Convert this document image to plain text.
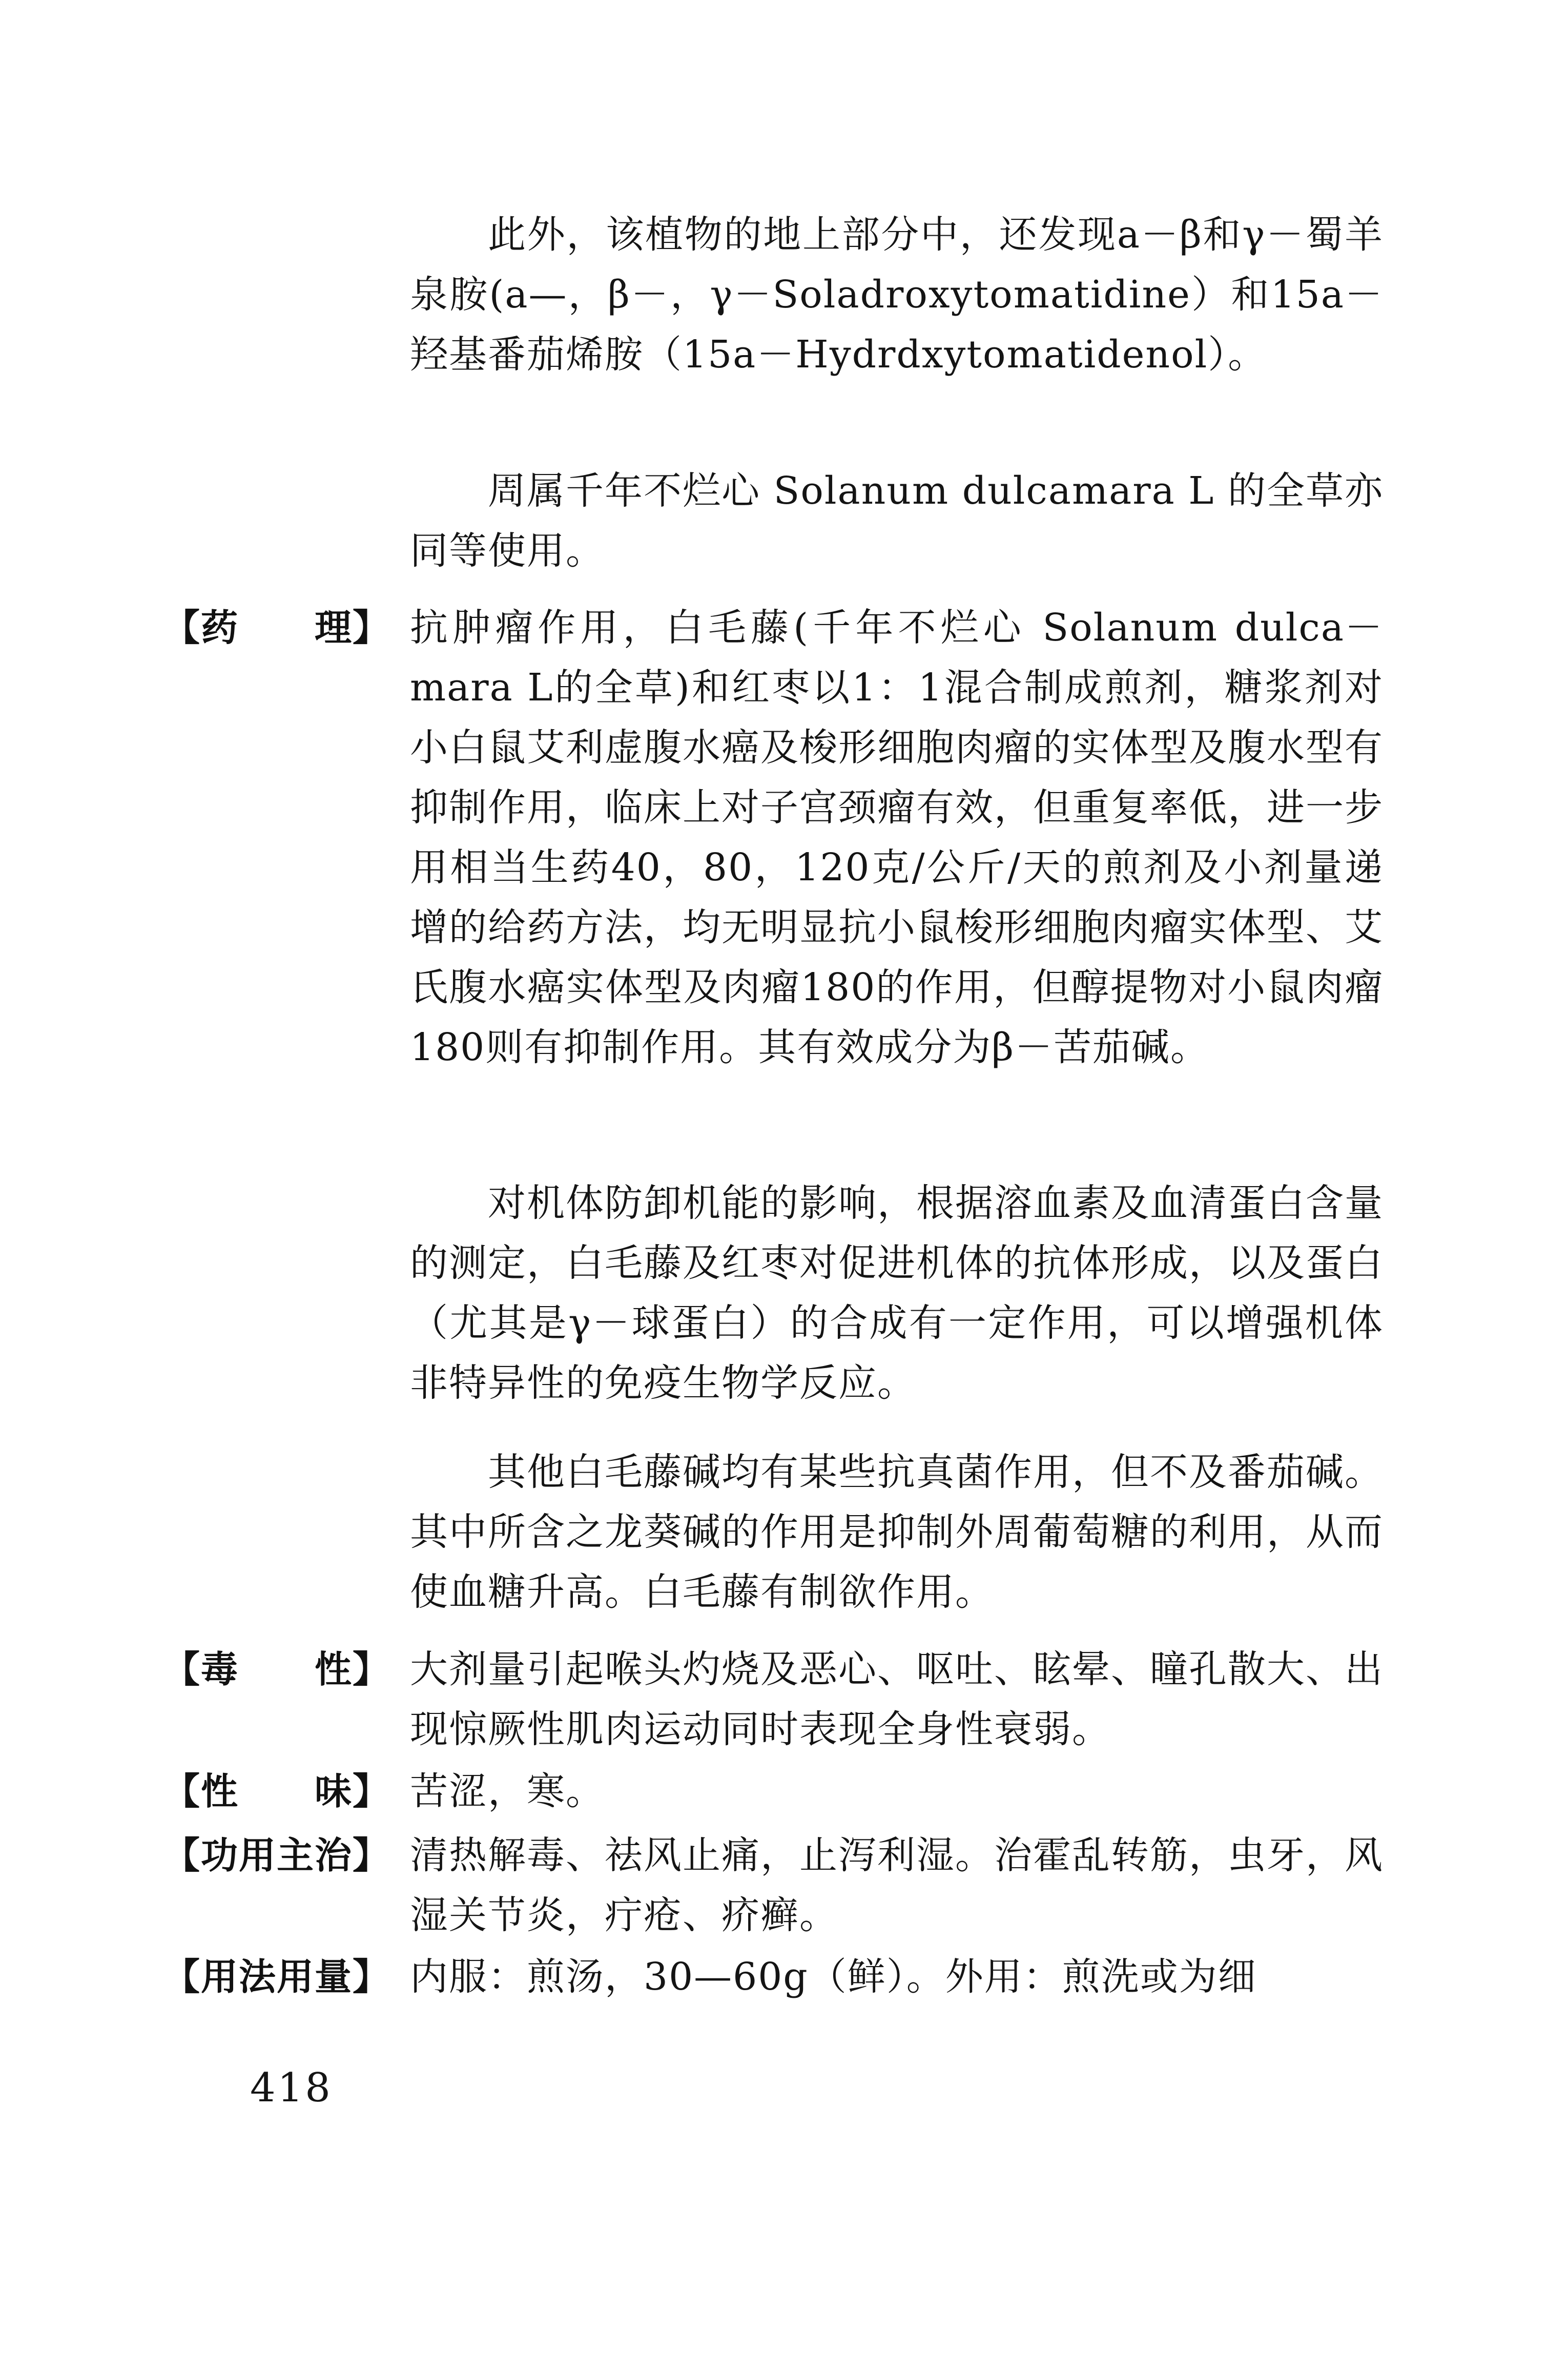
此外，该植物的地上部分中，还发现a－β和γ－蜀羊泉胺(a—，β－，γ－Soladroxytomatidine）和15a－羟基番茄烯胺（15a－Hydrdxytomatidenol）。
周属千年不烂心 Solanum dulcamara L 的全草亦同等使用。
【药　　理】 抗肿瘤作用，白毛藤(千年不烂心 Solanum dulca－mara L的全草)和红枣以1：1混合制成煎剂，糖浆剂对小白鼠艾利虚腹水癌及梭形细胞肉瘤的实体型及腹水型有抑制作用，临床上对子宫颈瘤有效，但重复率低，进一步用相当生药40，80，120克/公斤/天的煎剂及小剂量递增的给药方法，均无明显抗小鼠梭形细胞肉瘤实体型、艾氏腹水癌实体型及肉瘤180的作用，但醇提物对小鼠肉瘤180则有抑制作用。其有效成分为β－苦茄碱。
对机体防卸机能的影响，根据溶血素及血清蛋白含量的测定，白毛藤及红枣对促进机体的抗体形成，以及蛋白（尤其是γ－球蛋白）的合成有一定作用，可以增强机体非特异性的免疫生物学反应。
其他白毛藤碱均有某些抗真菌作用，但不及番茄碱。其中所含之龙葵碱的作用是抑制外周葡萄糖的利用，从而使血糖升高。白毛藤有制欲作用。
【毒　　性】 大剂量引起喉头灼烧及恶心、呕吐、眩晕、瞳孔散大、出现惊厥性肌肉运动同时表现全身性衰弱。
【性　　味】 苦涩，寒。
【功用主治】 清热解毒、祛风止痛，止泻利湿。治霍乱转筋，虫牙，风湿关节炎，疔疮、疥癣。
【用法用量】 内服：煎汤，30—60g（鲜）。外用：煎洗或为细
418
